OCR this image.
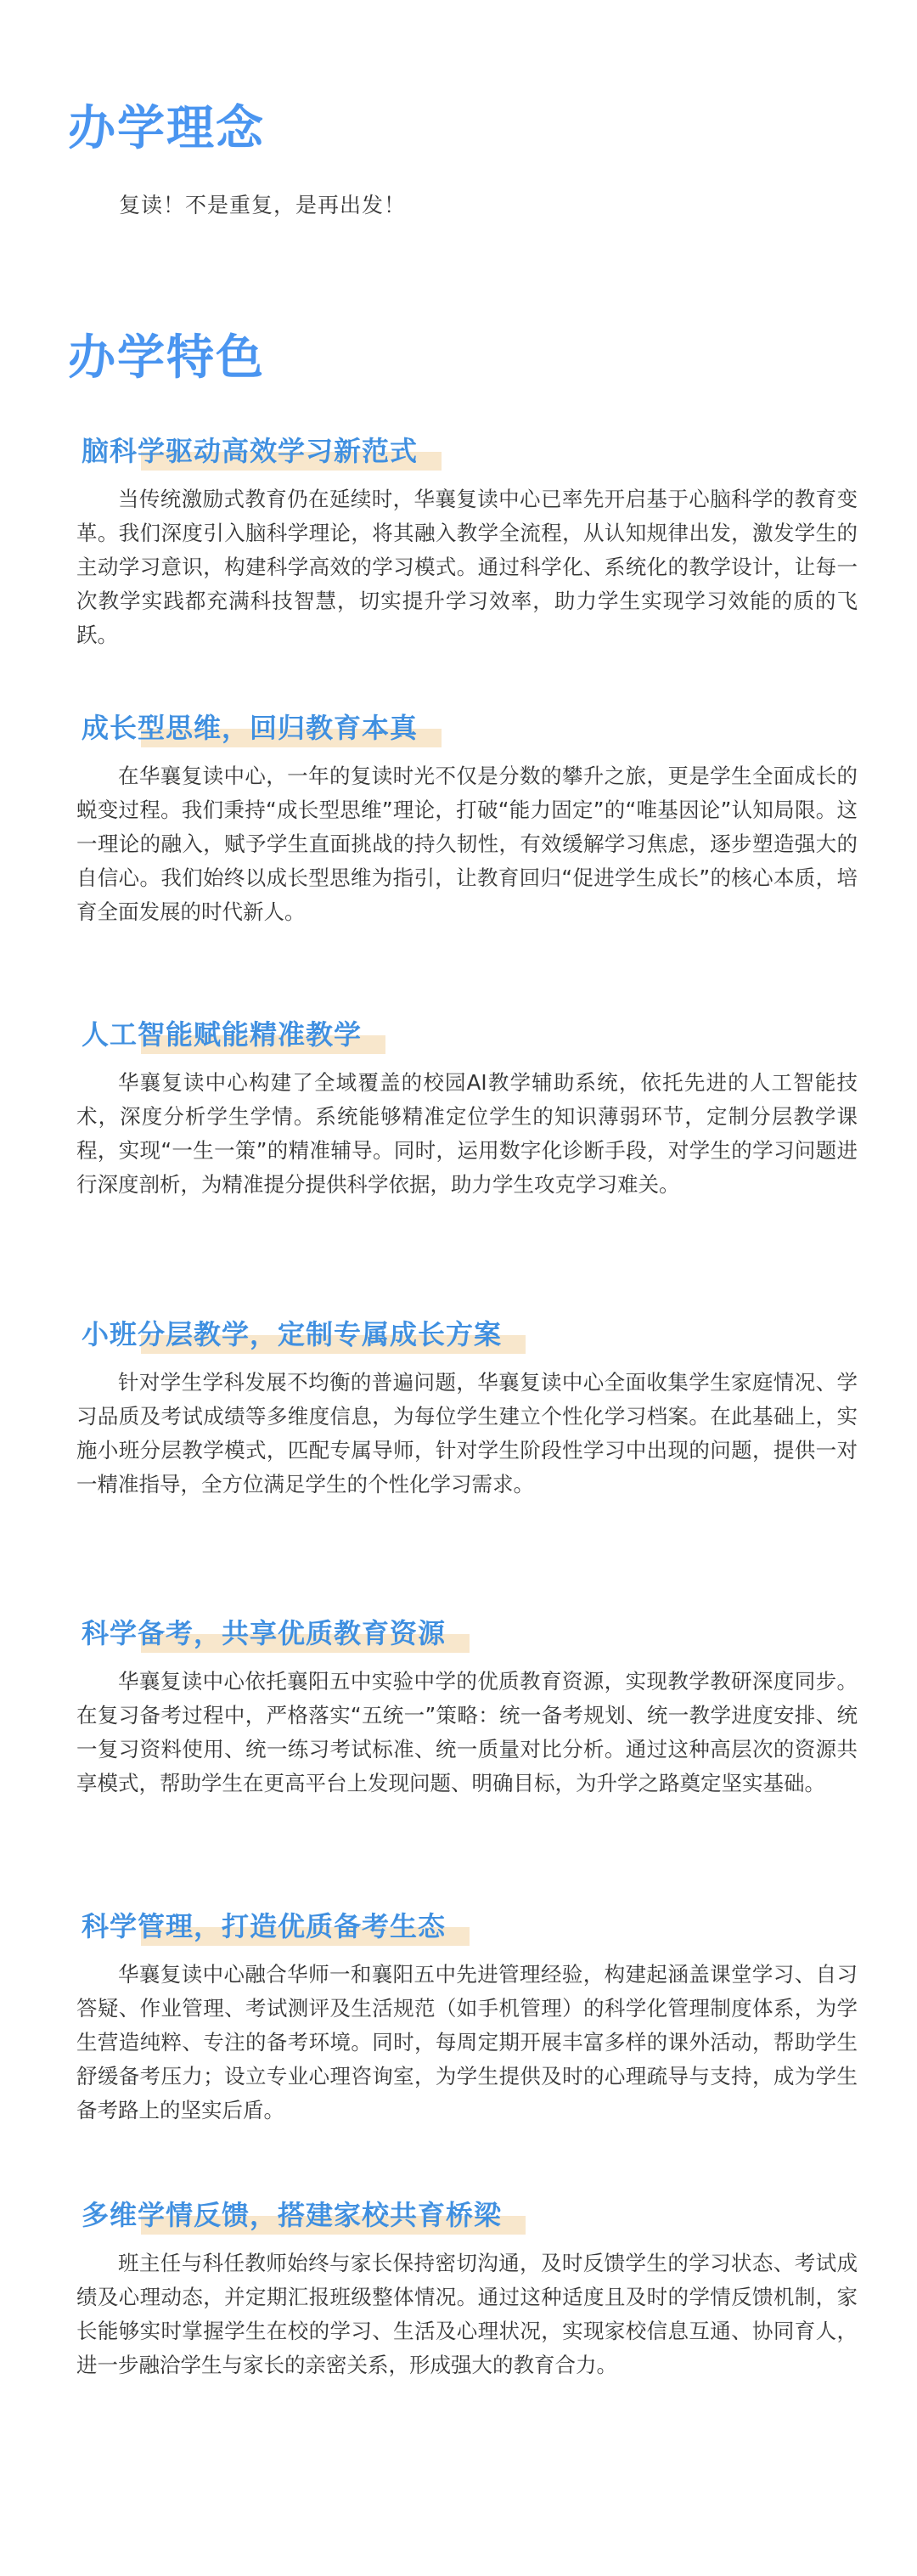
办学理念

复读！不是重复，是再出发！

办学特色
脑科学驱动高效学习新范式

当传统激励式教育仍在延续时，华襄复读中心已率先开启基于心脑科学的教育变革。我们深度引入脑科学理论，将其融入教学全流程，从认知规律出发，激发学生的主动学习意识，构建科学高效的学习模式。通过科学化、系统化的教学设计，让每一次教学实践都充满科技智慧，切实提升学习效率，助力学生实现学习效能的质的飞跃。

成长型思维，回归教育本真

在华襄复读中心，一年的复读时光不仅是分数的攀升之旅，更是学生全面成长的蜕变过程。我们秉持“成长型思维”理论，打破“能力固定”的“唯基因论”认知局限。这一理论的融入，赋予学生直面挑战的持久韧性，有效缓解学习焦虑，逐步塑造强大的自信心。我们始终以成长型思维为指引，让教育回归“促进学生成长”的核心本质，培育全面发展的时代新人。

人工智能赋能精准教学

华襄复读中心构建了全域覆盖的校园AI教学辅助系统，依托先进的人工智能技术，深度分析学生学情。系统能够精准定位学生的知识薄弱环节，定制分层教学课程，实现“一生一策”的精准辅导。同时，运用数字化诊断手段，对学生的学习问题进行深度剖析，为精准提分提供科学依据，助力学生攻克学习难关。

小班分层教学，定制专属成长方案

针对学生学科发展不均衡的普遍问题，华襄复读中心全面收集学生家庭情况、学习品质及考试成绩等多维度信息，为每位学生建立个性化学习档案。在此基础上，实施小班分层教学模式，匹配专属导师，针对学生阶段性学习中出现的问题，提供一对一精准指导，全方位满足学生的个性化学习需求。

科学备考，共享优质教育资源

华襄复读中心依托襄阳五中实验中学的优质教育资源，实现教学教研深度同步。在复习备考过程中，严格落实“五统一”策略：统一备考规划、统一教学进度安排、统一复习资料使用、统一练习考试标准、统一质量对比分析。通过这种高层次的资源共享模式，帮助学生在更高平台上发现问题、明确目标，为升学之路奠定坚实基础。

科学管理，打造优质备考生态

华襄复读中心融合华师一和襄阳五中先进管理经验，构建起涵盖课堂学习、自习答疑、作业管理、考试测评及生活规范（如手机管理）的科学化管理制度体系，为学生营造纯粹、专注的备考环境。同时，每周定期开展丰富多样的课外活动，帮助学生舒缓备考压力；设立专业心理咨询室，为学生提供及时的心理疏导与支持，成为学生备考路上的坚实后盾。

多维学情反馈，搭建家校共育桥梁

班主任与科任教师始终与家长保持密切沟通，及时反馈学生的学习状态、考试成绩及心理动态，并定期汇报班级整体情况。通过这种适度且及时的学情反馈机制，家长能够实时掌握学生在校的学习、生活及心理状况，实现家校信息互通、协同育人，进一步融洽学生与家长的亲密关系，形成强大的教育合力。
